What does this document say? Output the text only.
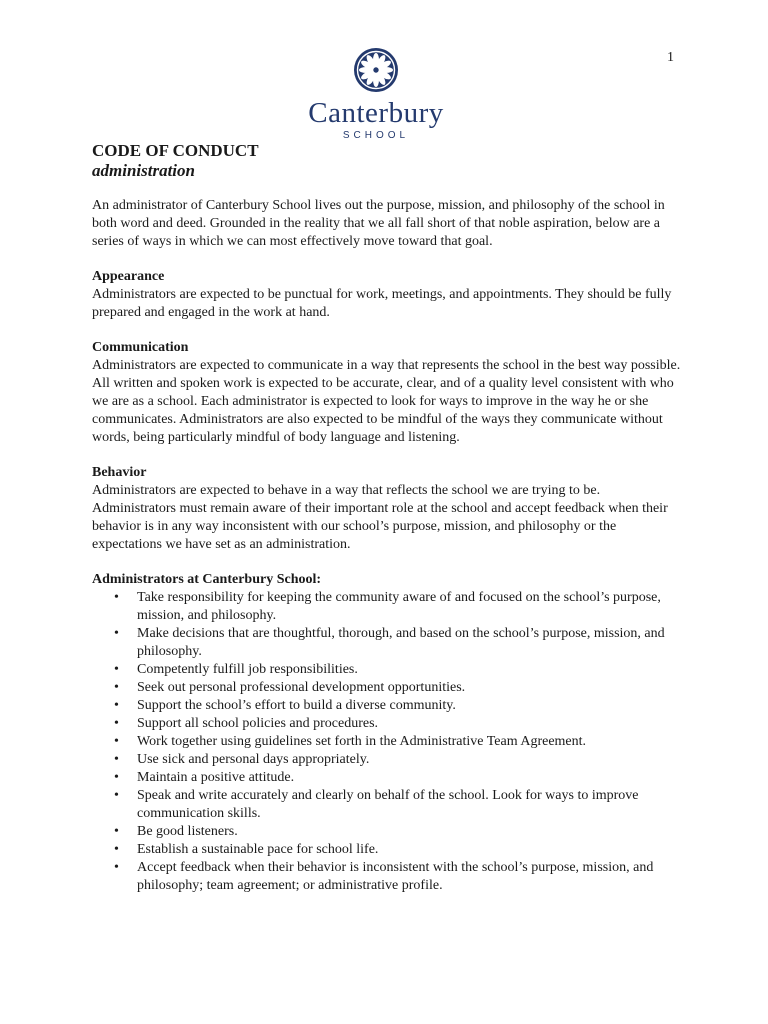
1
Canterbury
SCHOOL

CODE OF CONDUCT

administration

An administrator of Canterbury School lives out the purpose, mission, and philosophy of the school in both word and deed. Grounded in the reality that we all fall short of that noble aspiration, below are a series of ways in which we can most effectively move toward that goal.

Appearance

Administrators are expected to be punctual for work, meetings, and appointments. They should be fully prepared and engaged in the work at hand.

Communication

Administrators are expected to communicate in a way that represents the school in the best way possible. All written and spoken work is expected to be accurate, clear, and of a quality level consistent with who we are as a school. Each administrator is expected to look for ways to improve in the way he or she communicates. Administrators are also expected to be mindful of the ways they communicate without words, being particularly mindful of body language and listening.

Behavior

Administrators are expected to behave in a way that reflects the school we are trying to be. Administrators must remain aware of their important role at the school and accept feedback when their behavior is in any way inconsistent with our school’s purpose, mission, and philosophy or the expectations we have set as an administration.

Administrators at Canterbury School:
• Take responsibility for keeping the community aware of and focused on the school’s purpose, mission, and philosophy.
• Make decisions that are thoughtful, thorough, and based on the school’s purpose, mission, and philosophy.
• Competently fulfill job responsibilities.
• Seek out personal professional development opportunities.
• Support the school’s effort to build a diverse community.
• Support all school policies and procedures.
• Work together using guidelines set forth in the Administrative Team Agreement.
• Use sick and personal days appropriately.
• Maintain a positive attitude.
• Speak and write accurately and clearly on behalf of the school. Look for ways to improve communication skills.
• Be good listeners.
• Establish a sustainable pace for school life.
• Accept feedback when their behavior is inconsistent with the school’s purpose, mission, and philosophy; team agreement; or administrative profile.
